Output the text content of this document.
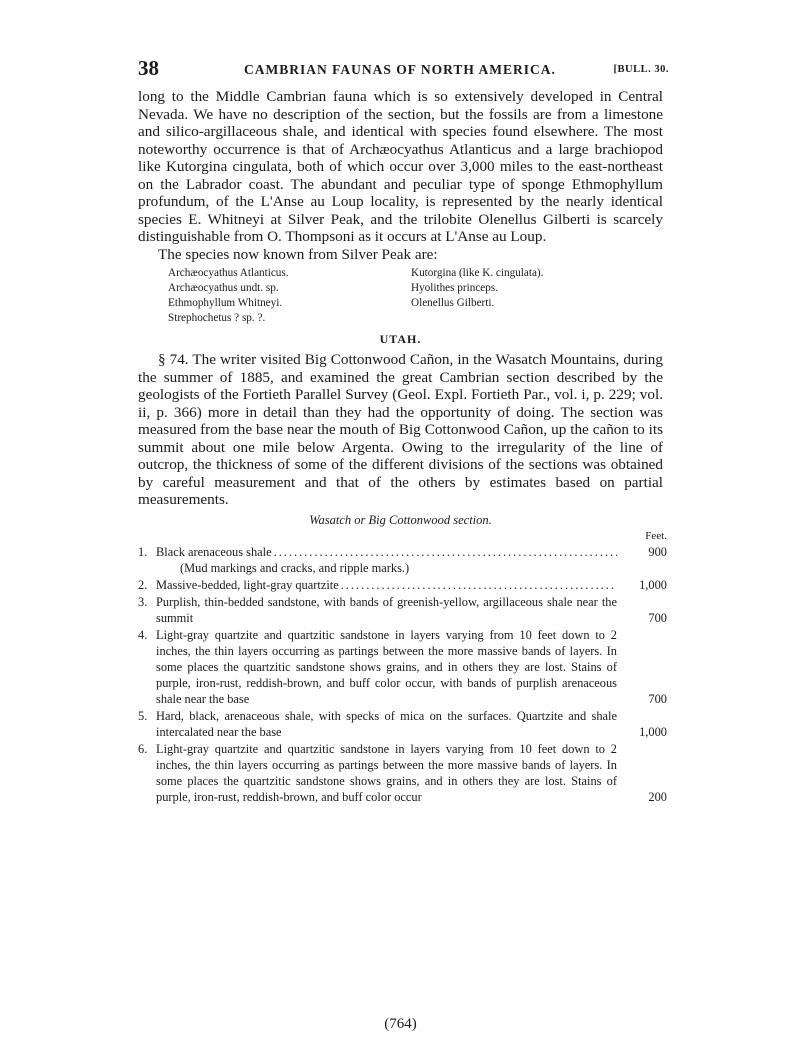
38	CAMBRIAN FAUNAS OF NORTH AMERICA.	[BULL. 30.

long to the Middle Cambrian fauna which is so extensively developed in Central Nevada. We have no description of the section, but the fossils are from a limestone and silico-argillaceous shale, and identical with species found elsewhere. The most noteworthy occurrence is that of Archæocyathus Atlanticus and a large brachiopod like Kutorgina cingulata, both of which occur over 3,000 miles to the east-northeast on the Labrador coast. The abundant and peculiar type of sponge Ethmophyllum profundum, of the L'Anse au Loup locality, is represented by the nearly identical species E. Whitneyi at Silver Peak, and the trilobite Olenellus Gilberti is scarcely distinguishable from O. Thompsoni as it occurs at L'Anse au Loup.

The species now known from Silver Peak are:

Archæocyathus Atlanticus.	Kutorgina (like K. cingulata).
Archæocyathus undt. sp.	Hyolithes princeps.
Ethmophyllum Whitneyi.	Olenellus Gilberti.
Strephochetus ? sp. ?.
UTAH.

§ 74. The writer visited Big Cottonwood Cañon, in the Wasatch Mountains, during the summer of 1885, and examined the great Cambrian section described by the geologists of the Fortieth Parallel Survey (Geol. Expl. Fortieth Par., vol. i, p. 229; vol. ii, p. 366) more in detail than they had the opportunity of doing. The section was measured from the base near the mouth of Big Cottonwood Cañon, up the cañon to its summit about one mile below Argenta. Owing to the irregularity of the line of outcrop, the thickness of some of the different divisions of the sections was obtained by careful measurement and that of the others by estimates based on partial measurements.

Wasatch or Big Cottonwood section.
Feet.
1. Black arenaceous shale .....	900
(Mud markings and cracks, and ripple marks.)
2. Massive-bedded, light-gray quartzite .....	1,000
3. Purplish, thin-bedded sandstone, with bands of greenish-yellow, argillaceous shale near the summit	700
4. Light-gray quartzite and quartzitic sandstone in layers varying from 10 feet down to 2 inches, the thin layers occurring as partings between the more massive bands of layers. In some places the quartzitic sandstone shows grains, and in others they are lost. Stains of purple, iron-rust, reddish-brown, and buff color occur, with bands of purplish arenaceous shale near the base	700
5. Hard, black, arenaceous shale, with specks of mica on the surfaces. Quartzite and shale intercalated near the base	1,000
6. Light-gray quartzite and quartzitic sandstone in layers varying from 10 feet down to 2 inches, the thin layers occurring as partings between the more massive bands of layers. In some places the quartzitic sandstone shows grains, and in others they are lost. Stains of purple, iron-rust, reddish-brown, and buff color occur	200
(764)
